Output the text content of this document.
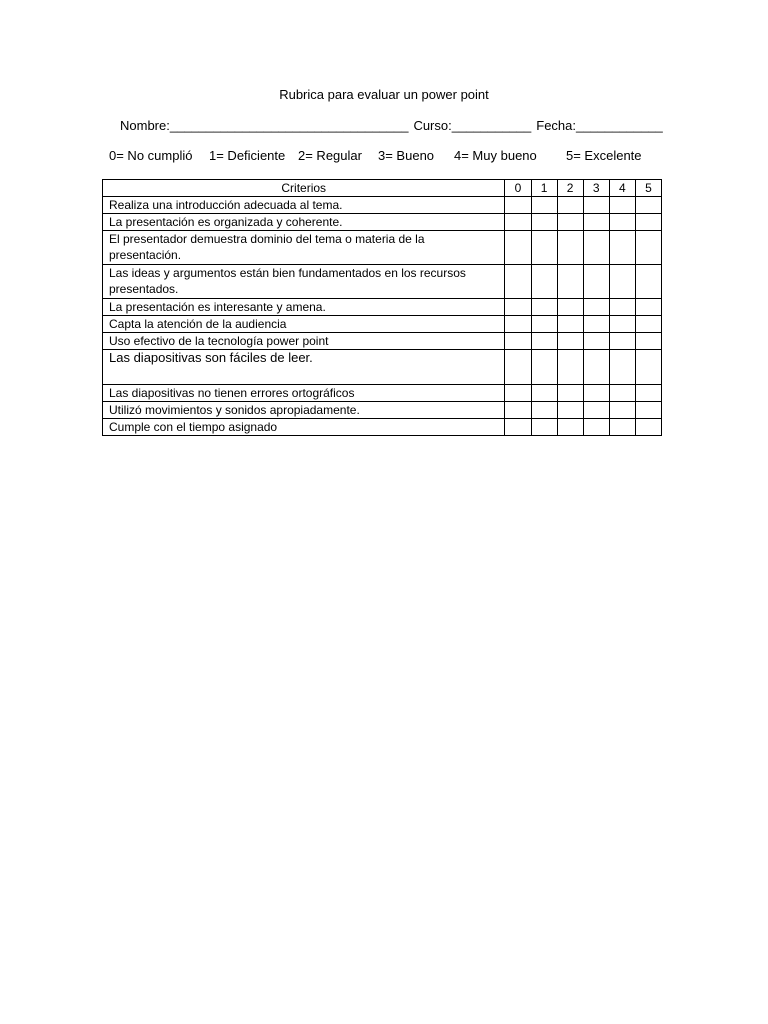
Rubrica para evaluar un power point
Nombre:_________________________________ Curso:___________ Fecha:____________
0= No cumplió 1= Deficiente 2= Regular 3= Bueno 4= Muy bueno 5= Excelente
Criterios	0	1	2	3	4	5
Realiza una introducción adecuada al tema.						
La presentación es organizada y coherente.						
El presentador demuestra dominio del tema o materia de la presentación.						
Las ideas y argumentos están bien fundamentados en los recursos presentados.						
La presentación es interesante y amena.						
Capta la atención de la audiencia						
Uso efectivo de la tecnología power point						
Las diapositivas son fáciles de leer.						
Las diapositivas no tienen errores ortográficos						
Utilizó movimientos y sonidos apropiadamente.						
Cumple con el tiempo asignado						
